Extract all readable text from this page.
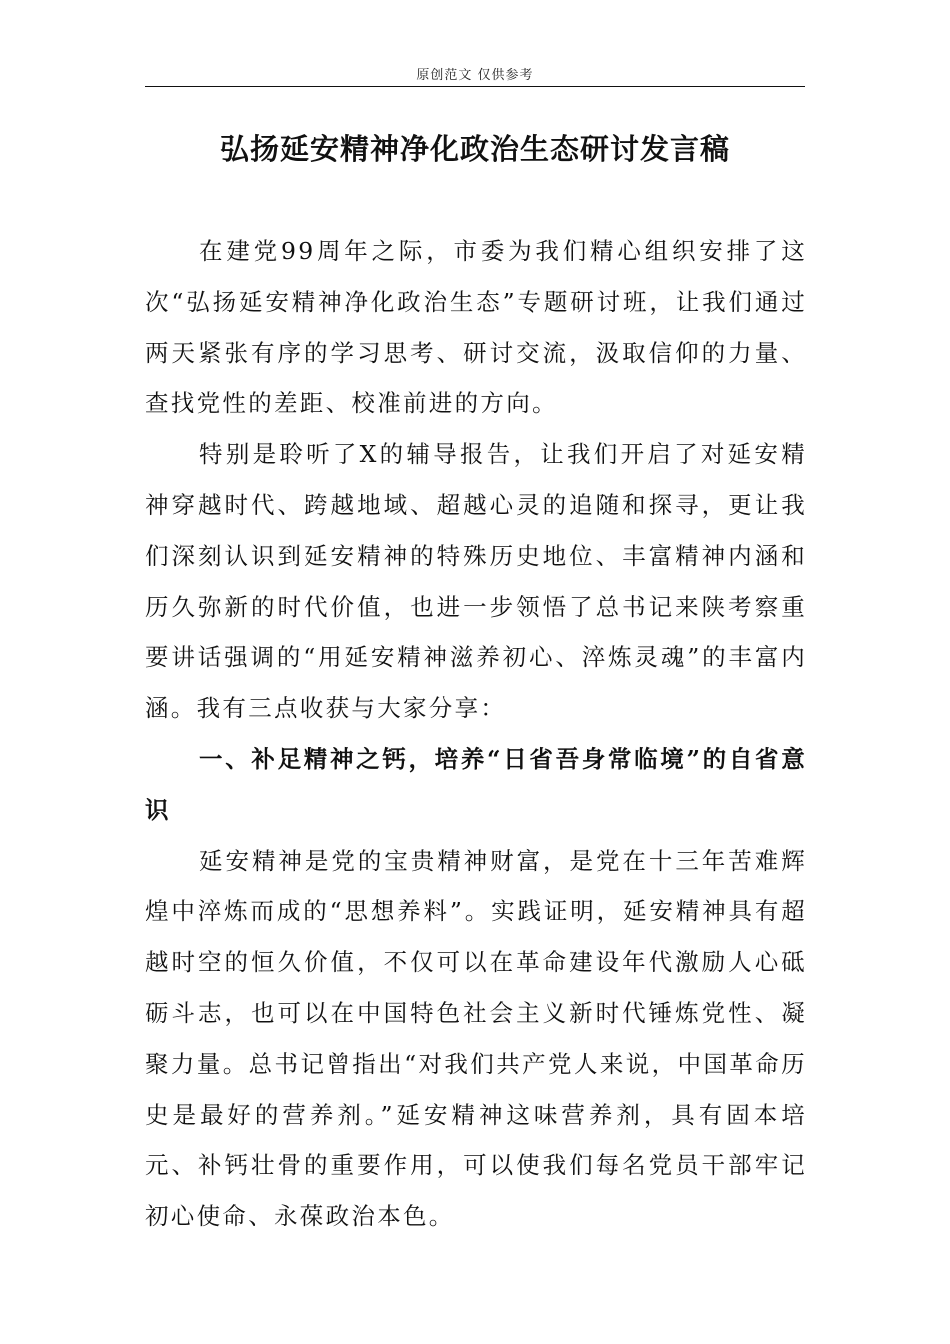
原创范文 仅供参考
弘扬延安精神净化政治生态研讨发言稿

在建党99周年之际，市委为我们精心组织安排了这次“弘扬延安精神净化政治生态”专题研讨班，让我们通过两天紧张有序的学习思考、研讨交流，汲取信仰的力量、查找党性的差距、校准前进的方向。

特别是聆听了X的辅导报告，让我们开启了对延安精神穿越时代、跨越地域、超越心灵的追随和探寻，更让我们深刻认识到延安精神的特殊历史地位、丰富精神内涵和历久弥新的时代价值，也进一步领悟了总书记来陕考察重要讲话强调的“用延安精神滋养初心、淬炼灵魂”的丰富内涵。我有三点收获与大家分享：

一、补足精神之钙，培养“日省吾身常临境”的自省意识

延安精神是党的宝贵精神财富，是党在十三年苦难辉煌中淬炼而成的“思想养料”。实践证明，延安精神具有超越时空的恒久价值，不仅可以在革命建设年代激励人心砥砺斗志，也可以在中国特色社会主义新时代锤炼党性、凝聚力量。总书记曾指出“对我们共产党人来说，中国革命历史是最好的营养剂。”延安精神这味营养剂，具有固本培元、补钙壮骨的重要作用，可以使我们每名党员干部牢记初心使命、永葆政治本色。
